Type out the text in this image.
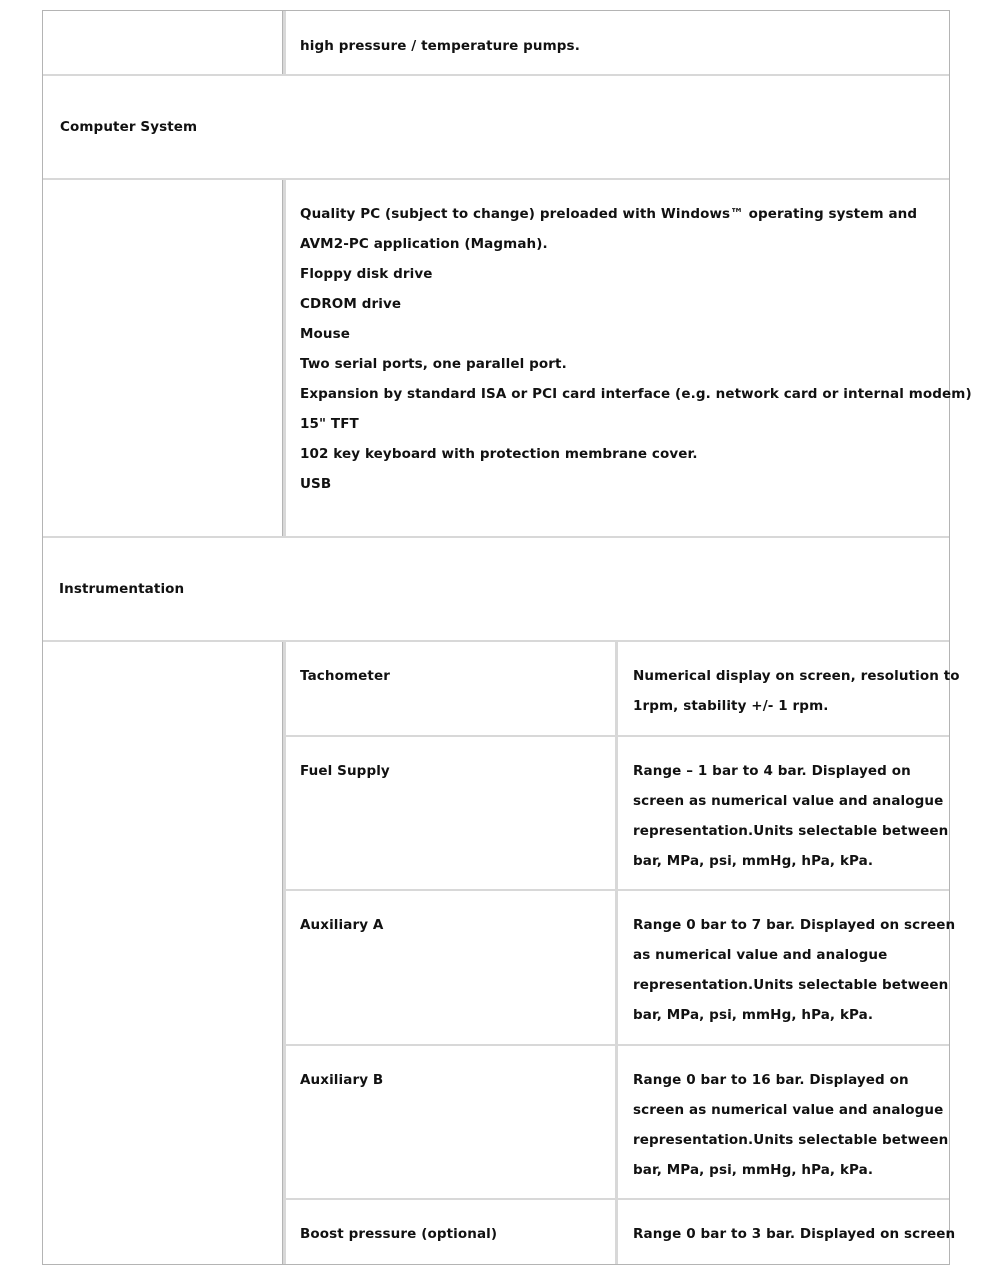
high pressure / temperature pumps.
Computer System
Quality PC (subject to change) preloaded with Windows™ operating system and
AVM2-PC application (Magmah).
Floppy disk drive
CDROM drive
Mouse
Two serial ports, one parallel port.
Expansion by standard ISA or PCI card interface (e.g. network card or internal modem)
15" TFT
102 key keyboard with protection membrane cover.
USB
Instrumentation
Tachometer	Numerical display on screen, resolution to
1rpm, stability +/- 1 rpm.
Fuel Supply	Range – 1 bar to 4 bar. Displayed on
screen as numerical value and analogue
representation.Units selectable between
bar, MPa, psi, mmHg, hPa, kPa.
Auxiliary A	Range 0 bar to 7 bar. Displayed on screen
as numerical value and analogue
representation.Units selectable between
bar, MPa, psi, mmHg, hPa, kPa.
Auxiliary B	Range 0 bar to 16 bar. Displayed on
screen as numerical value and analogue
representation.Units selectable between
bar, MPa, psi, mmHg, hPa, kPa.
Boost pressure (optional)	Range 0 bar to 3 bar. Displayed on screen
